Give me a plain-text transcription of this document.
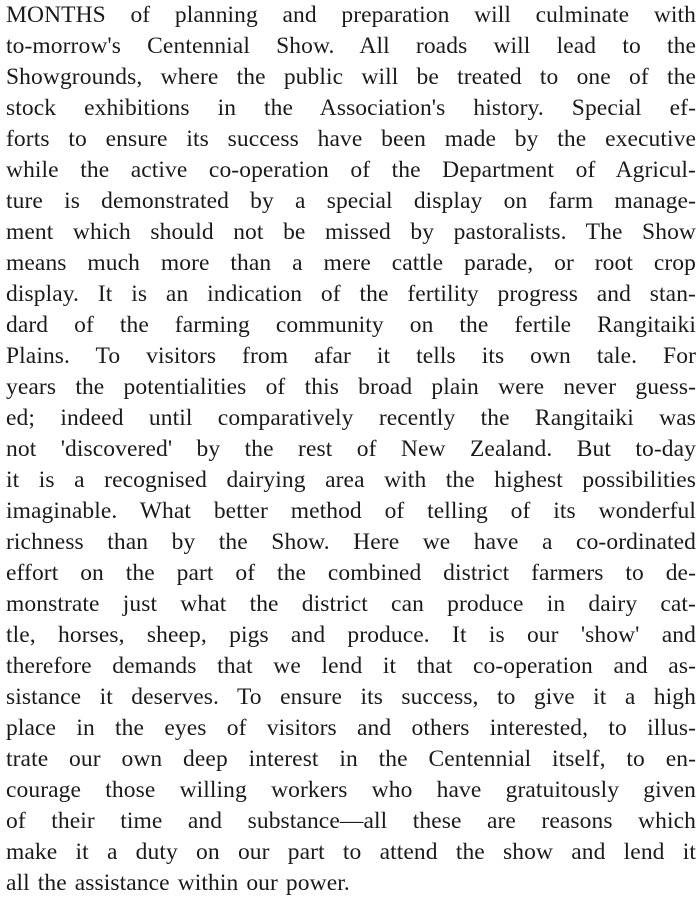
MONTHS of planning and preparation will culminate with
to-morrow's Centennial Show. All roads will lead to the
Showgrounds, where the public will be treated to one of the
stock exhibitions in the Association's history. Special ef-
forts to ensure its success have been made by the executive
while the active co-operation of the Department of Agricul-
ture is demonstrated by a special display on farm manage-
ment which should not be missed by pastoralists. The Show
means much more than a mere cattle parade, or root crop
display. It is an indication of the fertility progress and stan-
dard of the farming community on the fertile Rangitaiki
Plains. To visitors from afar it tells its own tale. For
years the potentialities of this broad plain were never guess-
ed; indeed until comparatively recently the Rangitaiki was
not 'discovered' by the rest of New Zealand. But to-day
it is a recognised dairying area with the highest possibilities
imaginable. What better method of telling of its wonderful
richness than by the Show. Here we have a co-ordinated
effort on the part of the combined district farmers to de-
monstrate just what the district can produce in dairy cat-
tle, horses, sheep, pigs and produce. It is our 'show' and
therefore demands that we lend it that co-operation and as-
sistance it deserves. To ensure its success, to give it a high
place in the eyes of visitors and others interested, to illus-
trate our own deep interest in the Centennial itself, to en-
courage those willing workers who have gratuitously given
of their time and substance—all these are reasons which
make it a duty on our part to attend the show and lend it
all the assistance within our power.
